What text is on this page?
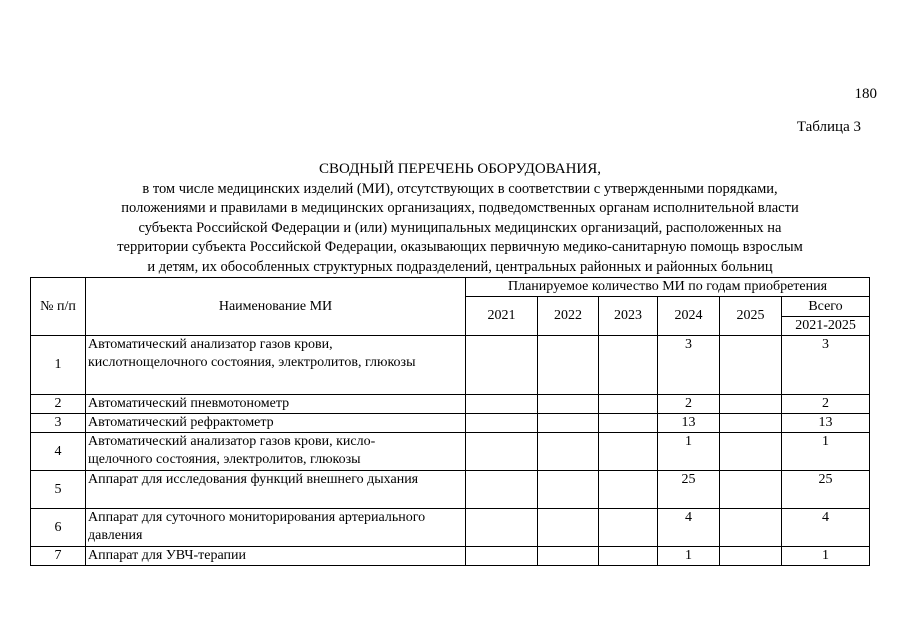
180
Таблица 3
СВОДНЫЙ ПЕРЕЧЕНЬ ОБОРУДОВАНИЯ,
в том числе медицинских изделий (МИ), отсутствующих в соответствии с утвержденными порядками,
положениями и правилами в медицинских организациях, подведомственных органам исполнительной власти
субъекта Российской Федерации и (или) муниципальных медицинских организаций, расположенных на
территории субъекта Российской Федерации, оказывающих первичную медико-санитарную помощь взрослым
и детям, их обособленных структурных подразделений, центральных районных и районных больниц
№ п/п	Наименование МИ	Планируемое количество МИ по годам приобретения					
		2021	2022	2023	2024	2025	Всего
							2021-2025
1	Автоматический анализатор газов крови,
кислотнощелочного состояния, электролитов, глюкозы				3		3
2	Автоматический пневмотонометр				2		2
3	Автоматический рефрактометр				13		13
4	Автоматический анализатор газов крови, кисло-
щелочного состояния, электролитов, глюкозы				1		1
5	Аппарат для исследования функций внешнего дыхания				25		25
6	Аппарат для суточного мониторирования артериального
давления				4		4
7	Аппарат для УВЧ-терапии				1		1
